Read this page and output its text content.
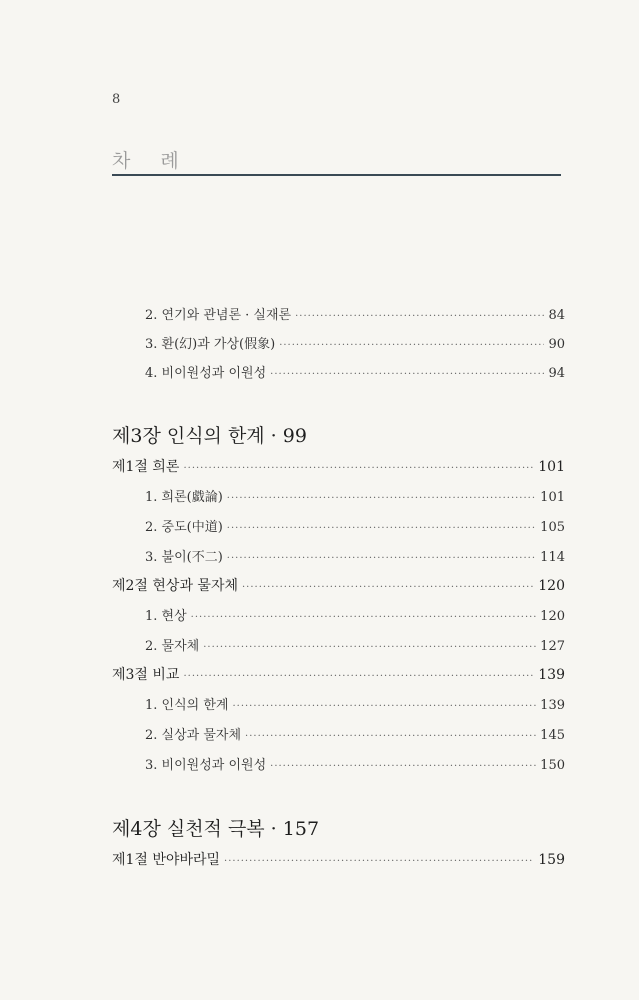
8
차 례
2. 연기와 관념론 · 실재론 ·····	84
3. 환(幻)과 가상(假象) ·····	90
4. 비이원성과 이원성 ·····	94
제3장 인식의 한계 · 99
제1절 희론 ·····	101
1. 희론(戱論) ·····	101
2. 중도(中道) ·····	105
3. 불이(不二) ·····	114
제2절 현상과 물자체 ·····	120
1. 현상 ·····	120
2. 물자체 ·····	127
제3절 비교 ·····	139
1. 인식의 한계 ·····	139
2. 실상과 물자체 ·····	145
3. 비이원성과 이원성 ·····	150
제4장 실천적 극복 · 157
제1절 반야바라밀 ·····	159
